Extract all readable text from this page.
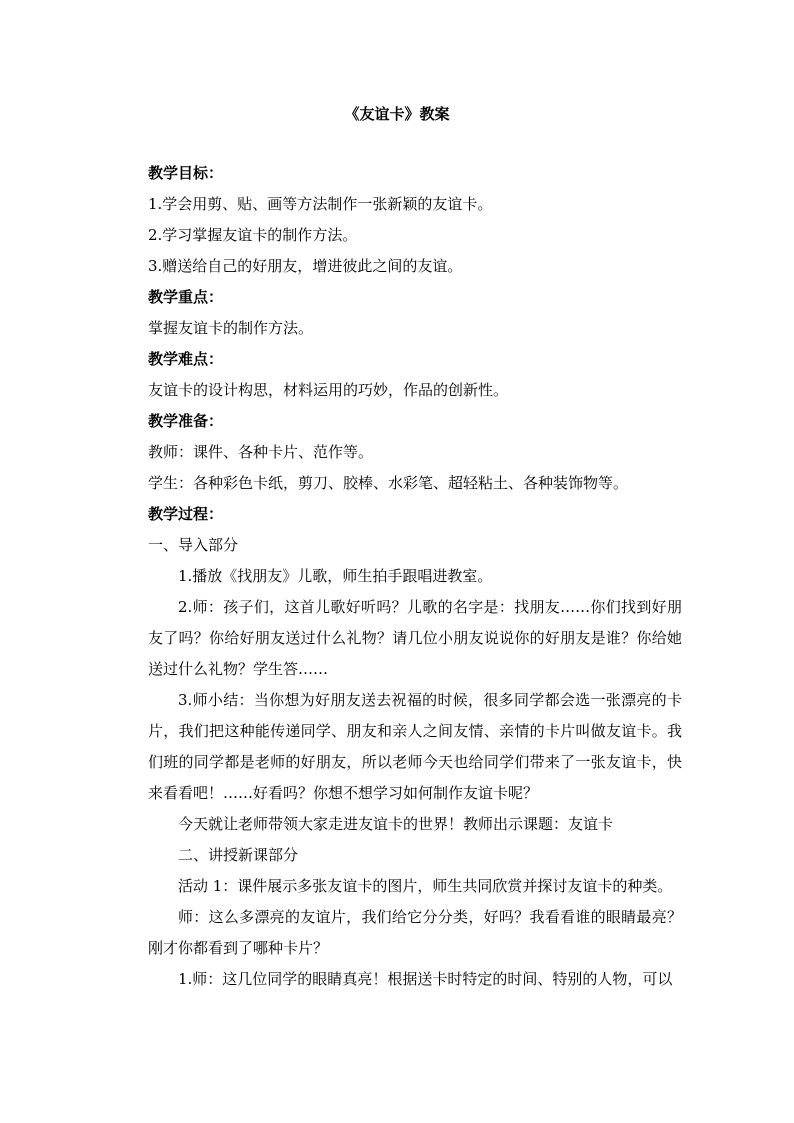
《友谊卡》教案

教学目标：

1.学会用剪、贴、画等方法制作一张新颖的友谊卡。

2.学习掌握友谊卡的制作方法。

3.赠送给自己的好朋友，增进彼此之间的友谊。

教学重点：

掌握友谊卡的制作方法。

教学难点：

友谊卡的设计构思，材料运用的巧妙，作品的创新性。

教学准备：

教师：课件、各种卡片、范作等。

学生：各种彩色卡纸，剪刀、胶棒、水彩笔、超轻粘土、各种装饰物等。

教学过程：

一、导入部分

1.播放《找朋友》儿歌，师生拍手跟唱进教室。

2.师：孩子们，这首儿歌好听吗？儿歌的名字是：找朋友……你们找到好朋友了吗？你给好朋友送过什么礼物？请几位小朋友说说你的好朋友是谁？你给她送过什么礼物？学生答……

3.师小结：当你想为好朋友送去祝福的时候，很多同学都会选一张漂亮的卡片，我们把这种能传递同学、朋友和亲人之间友情、亲情的卡片叫做友谊卡。我们班的同学都是老师的好朋友，所以老师今天也给同学们带来了一张友谊卡，快来看看吧！……好看吗？你想不想学习如何制作友谊卡呢？

今天就让老师带领大家走进友谊卡的世界！教师出示课题：友谊卡

二、讲授新课部分

活动 1：课件展示多张友谊卡的图片，师生共同欣赏并探讨友谊卡的种类。

师：这么多漂亮的友谊片，我们给它分分类，好吗？我看看谁的眼睛最亮？刚才你都看到了哪种卡片？

1.师：这几位同学的眼睛真亮！根据送卡时特定的时间、特别的人物，可以
